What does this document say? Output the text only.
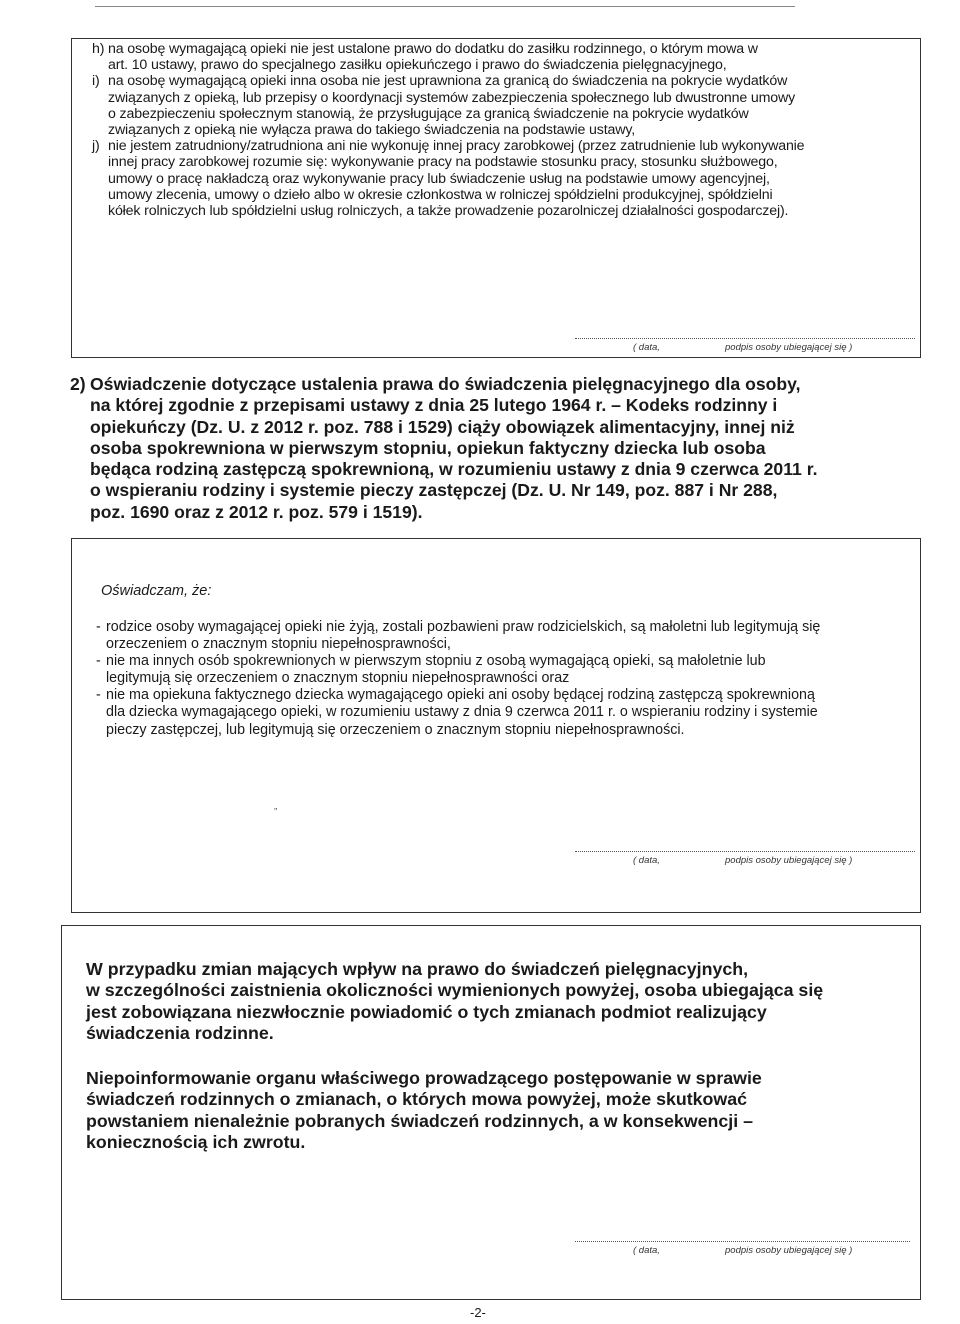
h) na osobę wymagającą opieki nie jest ustalone prawo do dodatku do zasiłku rodzinnego, o którym mowa w

art. 10 ustawy, prawo do specjalnego zasiłku opiekuńczego i prawo do świadczenia pielęgnacyjnego,

i) na osobę wymagającą opieki inna osoba nie jest uprawniona za granicą do świadczenia na pokrycie wydatków

związanych z opieką, lub przepisy o koordynacji systemów zabezpieczenia społecznego lub dwustronne umowy

o zabezpieczeniu społecznym stanowią, że przysługujące za granicą świadczenie na pokrycie wydatków

związanych z opieką nie wyłącza prawa do takiego świadczenia na podstawie ustawy,

j) nie jestem zatrudniony/zatrudniona ani nie wykonuję innej pracy zarobkowej (przez zatrudnienie lub wykonywanie

innej pracy zarobkowej rozumie się: wykonywanie pracy na podstawie stosunku pracy, stosunku służbowego,

umowy o pracę nakładczą oraz wykonywanie pracy lub świadczenie usług na podstawie umowy agencyjnej,

umowy zlecenia, umowy o dzieło albo w okresie członkostwa w rolniczej spółdzielni produkcyjnej, spółdzielni

kółek rolniczych lub spółdzielni usług rolniczych, a także prowadzenie pozarolniczej działalności gospodarczej).

( data,	podpis osoby ubiegającej się )
2) Oświadczenie dotyczące ustalenia prawa do świadczenia pielęgnacyjnego dla osoby,
na której zgodnie z przepisami ustawy z dnia 25 lutego 1964 r. – Kodeks rodzinny i
opiekuńczy (Dz. U. z 2012 r. poz. 788 i 1529) ciąży obowiązek alimentacyjny, innej niż
osoba spokrewniona w pierwszym stopniu, opiekun faktyczny dziecka lub osoba
będąca rodziną zastępczą spokrewnioną, w rozumieniu ustawy z dnia 9 czerwca 2011 r.
o wspieraniu rodziny i systemie pieczy zastępczej (Dz. U. Nr 149, poz. 887 i Nr 288,
poz. 1690 oraz z 2012 r. poz. 579 i 1519).
Oświadczam, że:

- rodzice osoby wymagającej opieki nie żyją, zostali pozbawieni praw rodzicielskich, są małoletni lub legitymują się

orzeczeniem o znacznym stopniu niepełnosprawności,

- nie ma innych osób spokrewnionych w pierwszym stopniu z osobą wymagającą opieki, są małoletnie lub

legitymują się orzeczeniem o znacznym stopniu niepełnosprawności oraz

- nie ma opiekuna faktycznego dziecka wymagającego opieki ani osoby będącej rodziną zastępczą spokrewnioną

dla dziecka wymagającego opieki, w rozumieniu ustawy z dnia 9 czerwca 2011 r. o wspieraniu rodziny i systemie

pieczy zastępczej, lub legitymują się orzeczeniem o znacznym stopniu niepełnosprawności.

„
( data,	podpis osoby ubiegającej się )
W przypadku zmian mających wpływ na prawo do świadczeń pielęgnacyjnych,
w szczególności zaistnienia okoliczności wymienionych powyżej, osoba ubiegająca się
jest zobowiązana niezwłocznie powiadomić o tych zmianach podmiot realizujący
świadczenia rodzinne.
Niepoinformowanie organu właściwego prowadzącego postępowanie w sprawie
świadczeń rodzinnych o zmianach, o których mowa powyżej, może skutkować
powstaniem nienależnie pobranych świadczeń rodzinnych, a w konsekwencji –
koniecznością ich zwrotu.
( data,	podpis osoby ubiegającej się )
-2-
